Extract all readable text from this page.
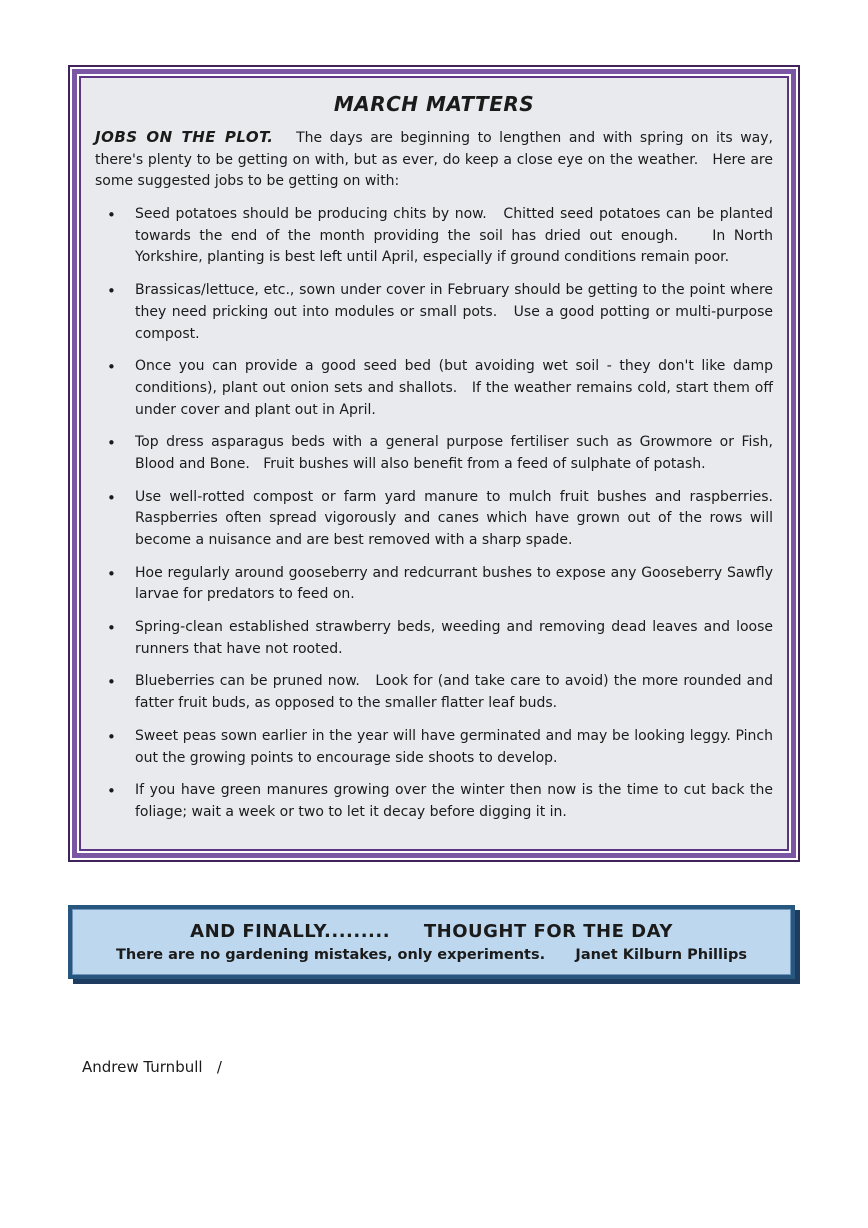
MARCH MATTERS
JOBS ON THE PLOT.   The days are beginning to lengthen and with spring on its way, there's plenty to be getting on with, but as ever, do keep a close eye on the weather.   Here are some suggested jobs to be getting on with:
• Seed potatoes should be producing chits by now.   Chitted seed potatoes can be planted towards the end of the month providing the soil has dried out enough.    In North Yorkshire, planting is best left until April, especially if ground conditions remain poor.
• Brassicas/lettuce, etc., sown under cover in February should be getting to the point where they need pricking out into modules or small pots.   Use a good potting or multi-purpose compost.
• Once you can provide a good seed bed (but avoiding wet soil - they don't like damp conditions), plant out onion sets and shallots.   If the weather remains cold, start them off under cover and plant out in April.
• Top dress asparagus beds with a general purpose fertiliser such as Growmore or Fish, Blood and Bone.   Fruit bushes will also benefit from a feed of sulphate of potash.
• Use well-rotted compost or farm yard manure to mulch fruit bushes and raspberries. Raspberries often spread vigorously and canes which have grown out of the rows will become a nuisance and are best removed with a sharp spade.
• Hoe regularly around gooseberry and redcurrant bushes to expose any Gooseberry Sawfly larvae for predators to feed on.
• Spring-clean established strawberry beds, weeding and removing dead leaves and loose runners that have not rooted.
• Blueberries can be pruned now.   Look for (and take care to avoid) the more rounded and fatter fruit buds, as opposed to the smaller flatter leaf buds.
• Sweet peas sown earlier in the year will have germinated and may be looking leggy. Pinch out the growing points to encourage side shoots to develop.
• If you have green manures growing over the winter then now is the time to cut back the foliage; wait a week or two to let it decay before digging it in.
AND FINALLY.........     THOUGHT FOR THE DAY
There are no gardening mistakes, only experiments.      Janet Kilburn Phillips
Andrew Turnbull   /
